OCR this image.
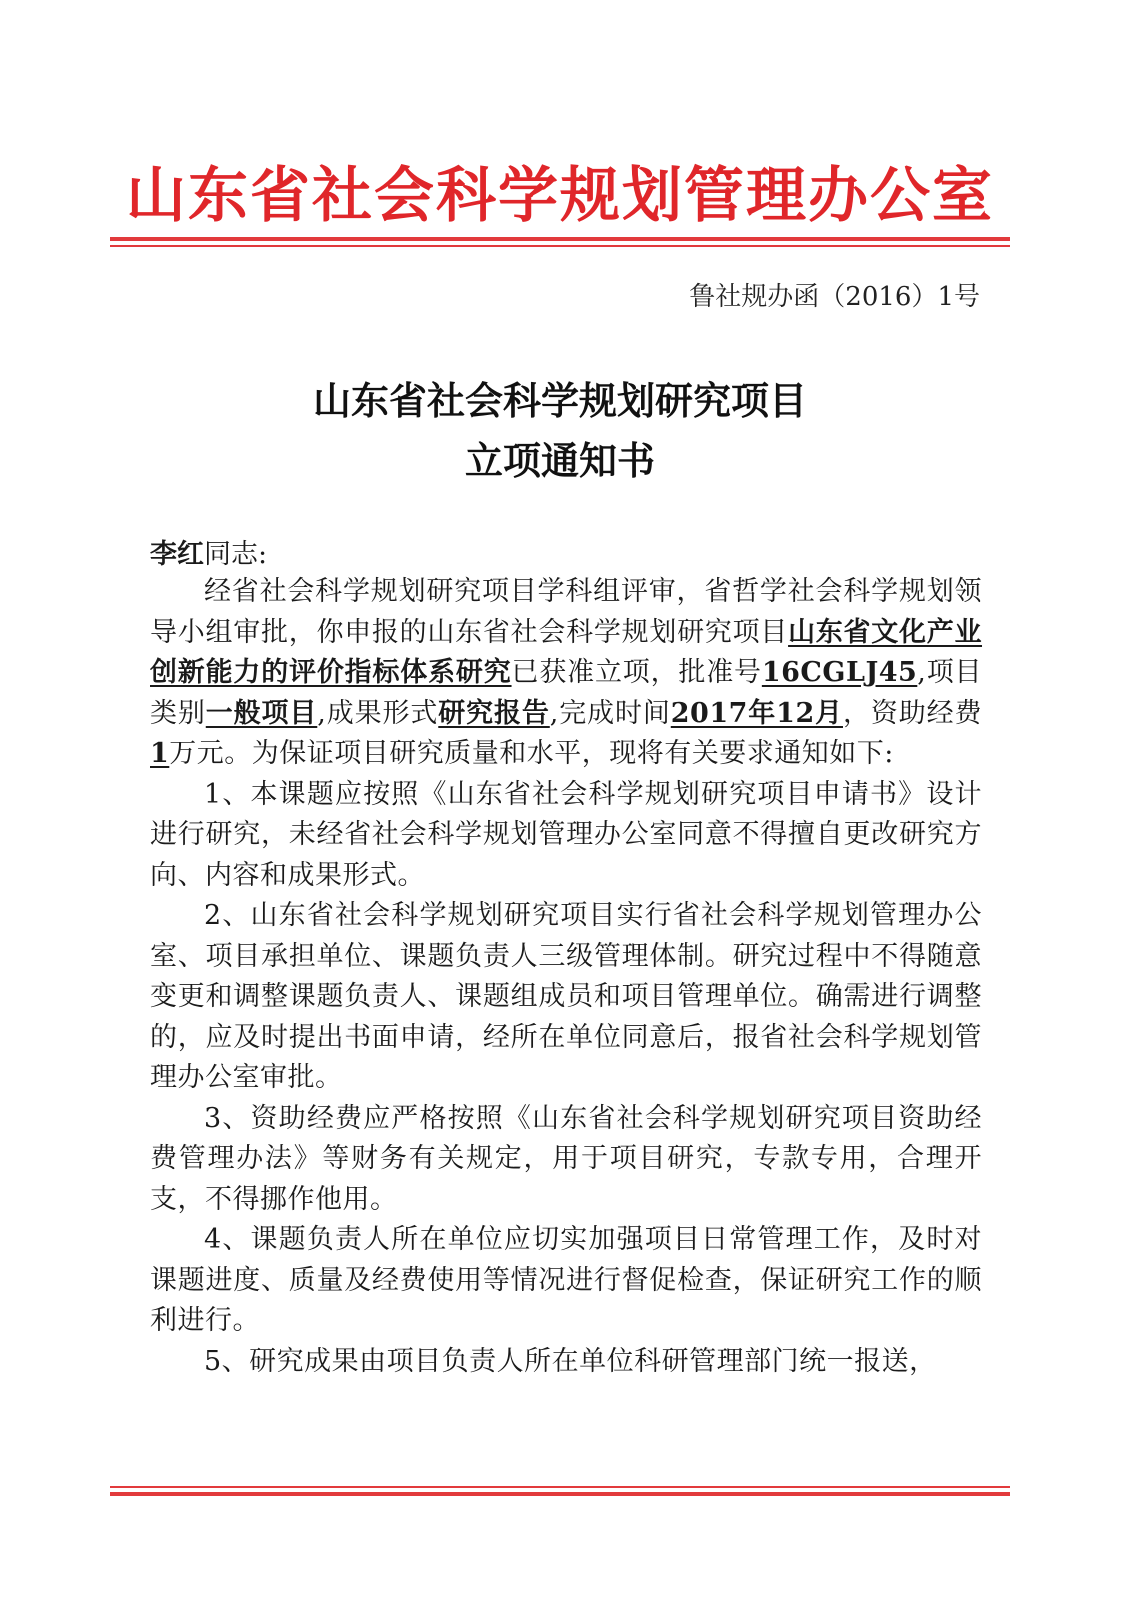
山东省社会科学规划管理办公室
鲁社规办函（2016）1号
山东省社会科学规划研究项目
立项通知书
李红同志:

经省社会科学规划研究项目学科组评审，省哲学社会科学规划领导小组审批，你申报的山东省社会科学规划研究项目山东省文化产业创新能力的评价指标体系研究已获准立项，批准号16CGLJ45,项目类别一般项目,成果形式研究报告,完成时间2017年12月，资助经费1万元。为保证项目研究质量和水平，现将有关要求通知如下:

1、本课题应按照《山东省社会科学规划研究项目申请书》设计进行研究，未经省社会科学规划管理办公室同意不得擅自更改研究方向、内容和成果形式。

2、山东省社会科学规划研究项目实行省社会科学规划管理办公室、项目承担单位、课题负责人三级管理体制。研究过程中不得随意变更和调整课题负责人、课题组成员和项目管理单位。确需进行调整的，应及时提出书面申请，经所在单位同意后，报省社会科学规划管理办公室审批。

3、资助经费应严格按照《山东省社会科学规划研究项目资助经费管理办法》等财务有关规定，用于项目研究，专款专用，合理开支，不得挪作他用。

4、课题负责人所在单位应切实加强项目日常管理工作，及时对课题进度、质量及经费使用等情况进行督促检查，保证研究工作的顺利进行。

5、研究成果由项目负责人所在单位科研管理部门统一报送，
